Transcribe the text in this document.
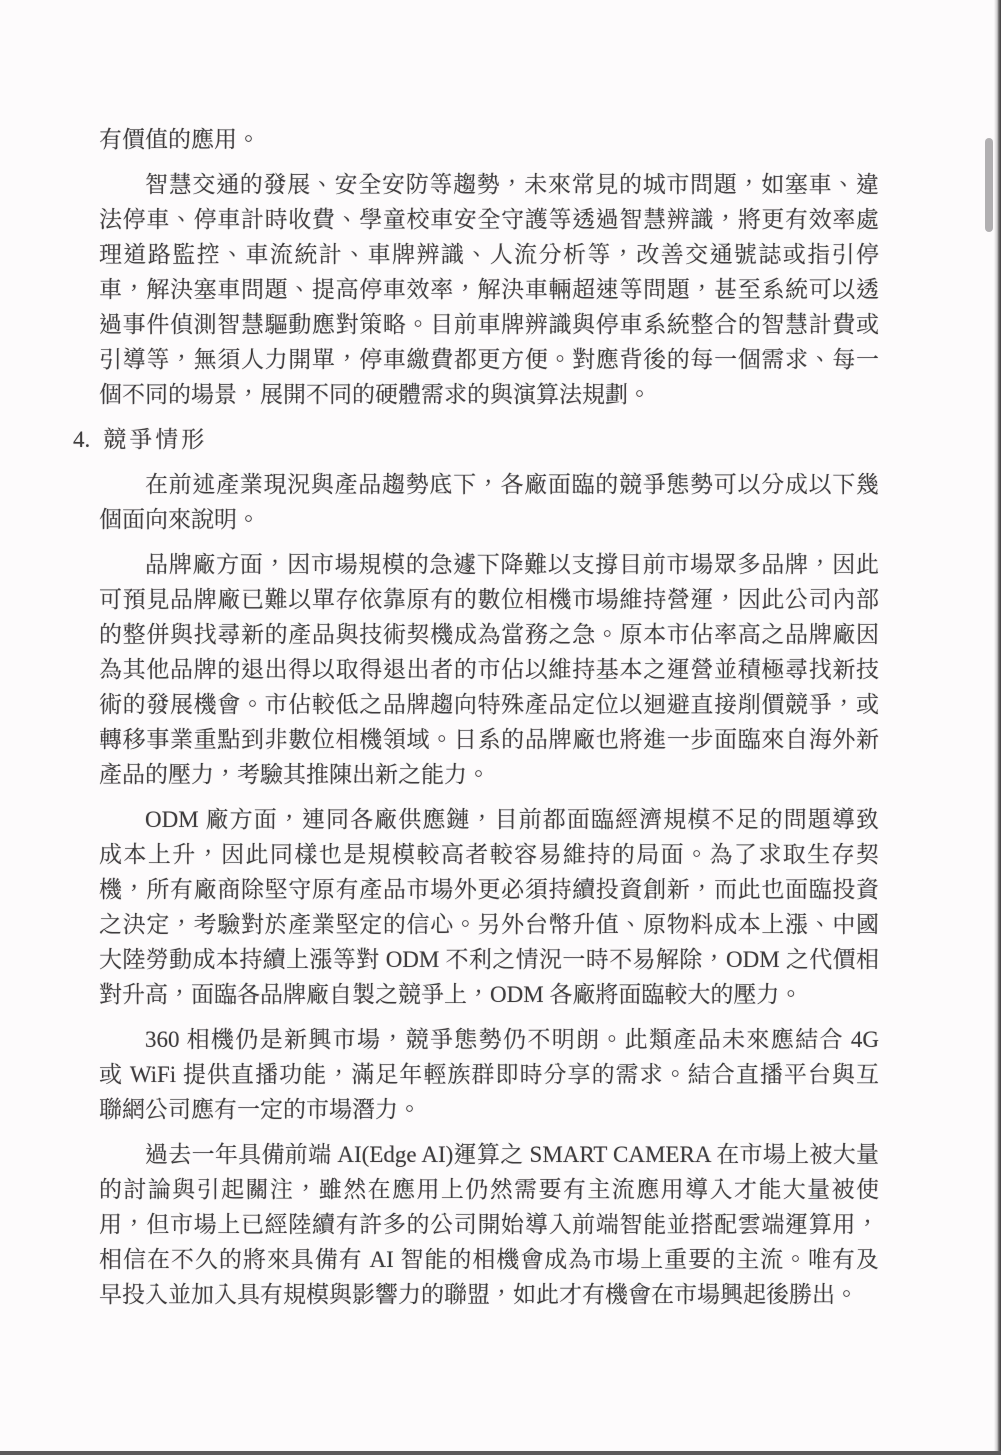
有價值的應用。
智慧交通的發展、安全安防等趨勢，未來常見的城市問題，如塞車、違
法停車、停車計時收費、學童校車安全守護等透過智慧辨識，將更有效率處
理道路監控、車流統計、車牌辨識、人流分析等，改善交通號誌或指引停
車，解決塞車問題、提高停車效率，解決車輛超速等問題，甚至系統可以透
過事件偵測智慧驅動應對策略。目前車牌辨識與停車系統整合的智慧計費或
引導等，無須人力開單，停車繳費都更方便。對應背後的每一個需求、每一
個不同的場景，展開不同的硬體需求的與演算法規劃。
4. 競爭情形
在前述產業現況與產品趨勢底下，各廠面臨的競爭態勢可以分成以下幾
個面向來說明。
品牌廠方面，因市場規模的急遽下降難以支撐目前市場眾多品牌，因此
可預見品牌廠已難以單存依靠原有的數位相機市場維持營運，因此公司內部
的整併與找尋新的產品與技術契機成為當務之急。原本市佔率高之品牌廠因
為其他品牌的退出得以取得退出者的市佔以維持基本之運營並積極尋找新技
術的發展機會。市佔較低之品牌趨向特殊產品定位以迴避直接削價競爭，或
轉移事業重點到非數位相機領域。日系的品牌廠也將進一步面臨來自海外新
產品的壓力，考驗其推陳出新之能力。
ODM 廠方面，連同各廠供應鏈，目前都面臨經濟規模不足的問題導致
成本上升，因此同樣也是規模較高者較容易維持的局面。為了求取生存契
機，所有廠商除堅守原有產品市場外更必須持續投資創新，而此也面臨投資
之決定，考驗對於產業堅定的信心。另外台幣升值、原物料成本上漲、中國
大陸勞動成本持續上漲等對 ODM 不利之情況一時不易解除，ODM 之代價相
對升高，面臨各品牌廠自製之競爭上，ODM 各廠將面臨較大的壓力。
360 相機仍是新興市場，競爭態勢仍不明朗。此類產品未來應結合 4G
或 WiFi 提供直播功能，滿足年輕族群即時分享的需求。結合直播平台與互
聯網公司應有一定的市場潛力。
過去一年具備前端 AI(Edge AI)運算之 SMART CAMERA 在市場上被大量
的討論與引起關注，雖然在應用上仍然需要有主流應用導入才能大量被使
用，但市場上已經陸續有許多的公司開始導入前端智能並搭配雲端運算用，
相信在不久的將來具備有 AI 智能的相機會成為市場上重要的主流。唯有及
早投入並加入具有規模與影響力的聯盟，如此才有機會在市場興起後勝出。
